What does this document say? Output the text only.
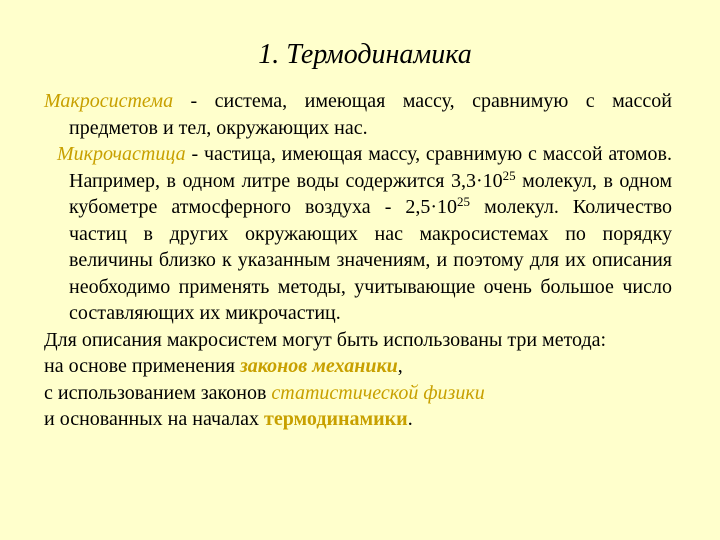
1. Термодинамика

Макросистема - система, имеющая массу, сравнимую с массой предметов и тел, окружающих нас.

Микрочастица - частица, имеющая массу, сравнимую с массой атомов. Например, в одном литре воды содержится $3,3\cdot 10^{25}$ молекул, в одном кубометре атмосферного воздуха - $2,5\cdot 10^{25}$ молекул. Количество частиц в других окружающих нас макросистемах по порядку величины близко к указанным значениям, и поэтому для их описания необходимо применять методы, учитывающие очень большое число составляющих их микрочастиц.

Для описания макросистем могут быть использованы три метода:

на основе применения законов механики,

с использованием законов статистической физики

и основанных на началах термодинамики.
